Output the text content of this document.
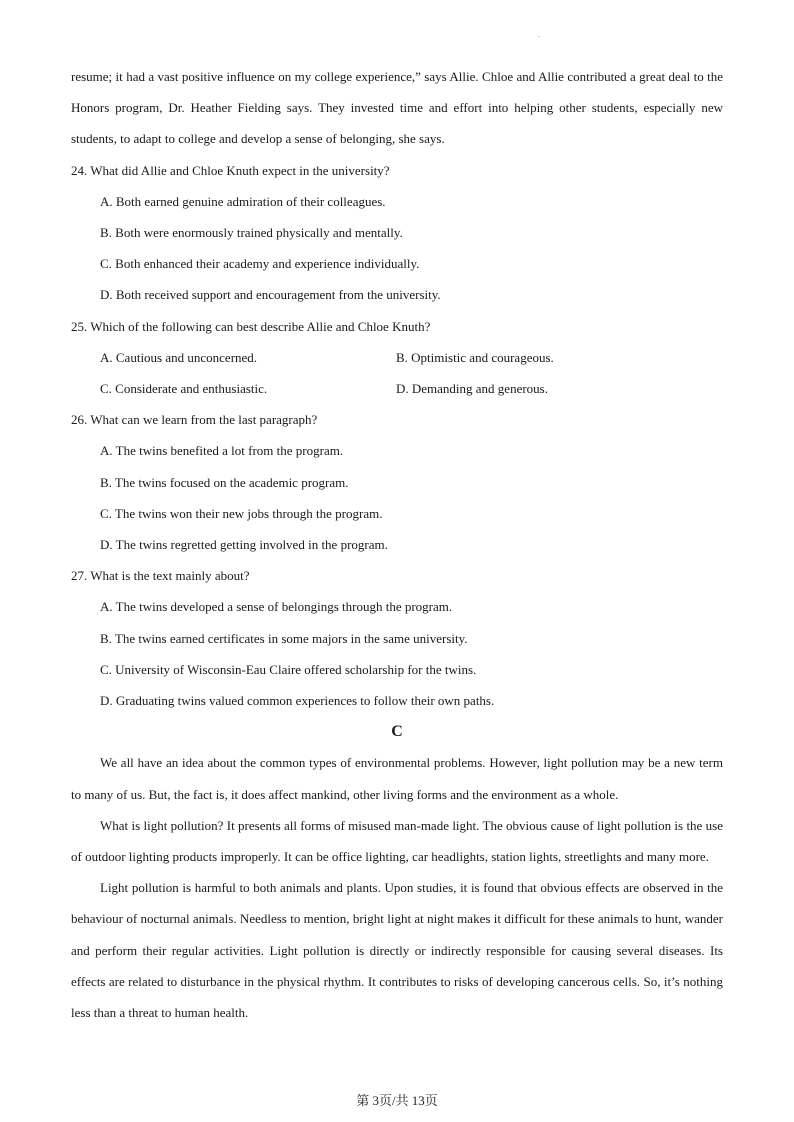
.

resume; it had a vast positive influence on my college experience,” says Allie. Chloe and Allie contributed a great deal to the Honors program, Dr. Heather Fielding says. They invested time and effort into helping other students, especially new students, to adapt to college and develop a sense of belonging, she says.

24. What did Allie and Chloe Knuth expect in the university?

A. Both earned genuine admiration of their colleagues.

B. Both were enormously trained physically and mentally.

C. Both enhanced their academy and experience individually.

D. Both received support and encouragement from the university.

25. Which of the following can best describe Allie and Chloe Knuth?

A. Cautious and unconcerned.	B. Optimistic and courageous.
C. Considerate and enthusiastic.	D. Demanding and generous.

26. What can we learn from the last paragraph?

A. The twins benefited a lot from the program.

B. The twins focused on the academic program.

C. The twins won their new jobs through the program.

D. The twins regretted getting involved in the program.

27. What is the text mainly about?

A. The twins developed a sense of belongings through the program.

B. The twins earned certificates in some majors in the same university.

C. University of Wisconsin-Eau Claire offered scholarship for the twins.

D. Graduating twins valued common experiences to follow their own paths.

C

We all have an idea about the common types of environmental problems. However, light pollution may be a new term to many of us. But, the fact is, it does affect mankind, other living forms and the environment as a whole.

What is light pollution? It presents all forms of misused man-made light. The obvious cause of light pollution is the use of outdoor lighting products improperly. It can be office lighting, car headlights, station lights, streetlights and many more.

Light pollution is harmful to both animals and plants. Upon studies, it is found that obvious effects are observed in the behaviour of nocturnal animals. Needless to mention, bright light at night makes it difficult for these animals to hunt, wander and perform their regular activities. Light pollution is directly or indirectly responsible for causing several diseases. Its effects are related to disturbance in the physical rhythm. It contributes to risks of developing cancerous cells. So, it’s nothing less than a threat to human health.

第 3页/共 13页
